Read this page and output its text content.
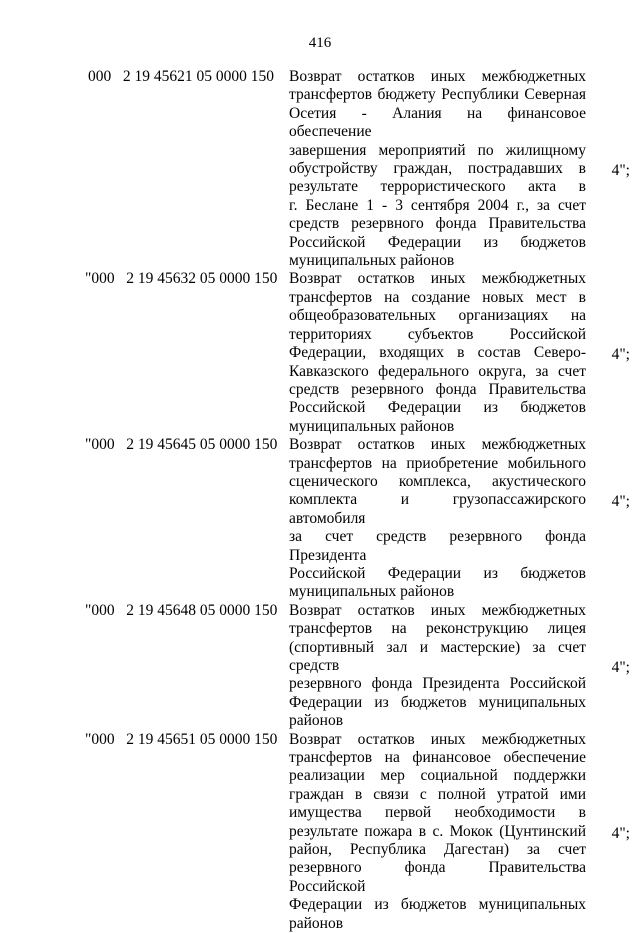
416
000   2 19 45621 05 0000 150 Возврат остатков иных межбюджетных
трансфертов бюджету Республики Северная
Осетия - Алания на финансовое обеспечение
завершения мероприятий по жилищному
обустройству граждан, пострадавших в
результате террористического акта в
г. Беслане 1 - 3 сентября 2004 г., за счет
средств резервного фонда Правительства
Российской Федерации из бюджетов
муниципальных районов
4";
"000   2 19 45632 05 0000 150 Возврат остатков иных межбюджетных
трансфертов на создание новых мест в
общеобразовательных организациях на
территориях субъектов Российской
Федерации, входящих в состав Северо-
Кавказского федерального округа, за счет
средств резервного фонда Правительства
Российской Федерации из бюджетов
муниципальных районов
4";
"000   2 19 45645 05 0000 150 Возврат остатков иных межбюджетных
трансфертов на приобретение мобильного
сценического комплекса, акустического
комплекта и грузопассажирского автомобиля
за счет средств резервного фонда Президента
Российской Федерации из бюджетов
муниципальных районов
4";
"000   2 19 45648 05 0000 150 Возврат остатков иных межбюджетных
трансфертов на реконструкцию лицея
(спортивный зал и мастерские) за счет средств
резервного фонда Президента Российской
Федерации из бюджетов муниципальных
районов
4";
"000   2 19 45651 05 0000 150 Возврат остатков иных межбюджетных
трансфертов на финансовое обеспечение
реализации мер социальной поддержки
граждан в связи с полной утратой ими
имущества первой необходимости в
результате пожара в с. Мокок (Цунтинский
район, Республика Дагестан) за счет
резервного фонда Правительства Российской
Федерации из бюджетов муниципальных
районов
4";
